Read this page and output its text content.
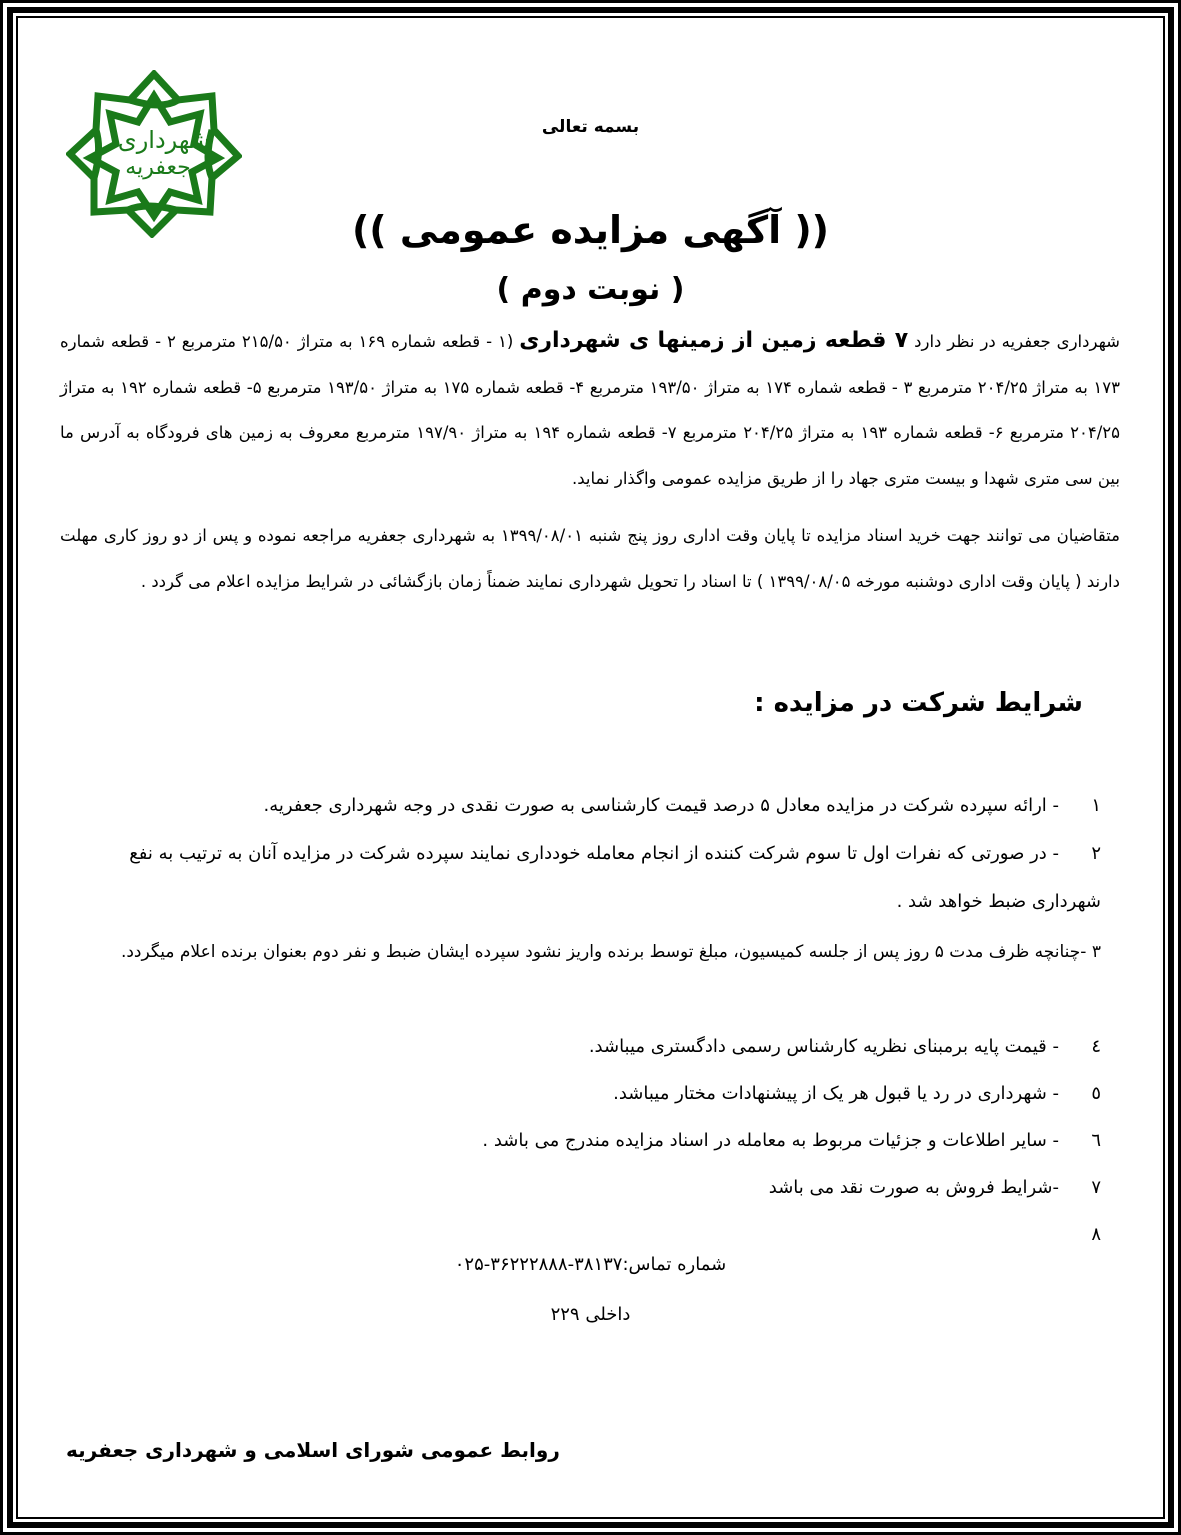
شهرداری
جعفریه
بسمه تعالی
(( آگهی مزایده عمومی ))
( نوبت دوم )
شهرداری جعفریه در نظر دارد ۷ قطعه زمین از زمینها ی شهرداری (۱ - قطعه شماره ۱۶۹ به متراژ ۲۱۵/۵۰ مترمربع ۲ - قطعه شماره ۱۷۳ به متراژ ۲۰۴/۲۵ مترمربع ۳ - قطعه شماره ۱۷۴ به متراژ ۱۹۳/۵۰ مترمربع ۴- قطعه شماره ۱۷۵ به متراژ ۱۹۳/۵۰ مترمربع ۵- قطعه شماره ۱۹۲ به متراژ ۲۰۴/۲۵ مترمربع ۶- قطعه شماره ۱۹۳ به متراژ ۲۰۴/۲۵ مترمربع ۷- قطعه شماره ۱۹۴ به متراژ ۱۹۷/۹۰ مترمربع معروف به زمین های فرودگاه به آدرس ما بین سی متری شهدا و بیست متری جهاد را از طریق مزایده عمومی واگذار نماید.
متقاضیان می توانند جهت خرید اسناد مزایده تا پایان وقت اداری روز پنج شنبه ۱۳۹۹/۰۸/۰۱ به شهرداری جعفریه مراجعه نموده و پس از دو روز کاری مهلت دارند ( پایان وقت اداری دوشنبه مورخه ۱۳۹۹/۰۸/۰۵ ) تا اسناد را تحویل شهرداری نمایند ضمناً زمان بازگشائی در شرایط مزایده اعلام می گردد .
شرایط شرکت در مزایده :
۱- ارائه سپرده شرکت در مزایده معادل ۵ درصد قیمت کارشناسی به صورت نقدی در وجه شهرداری جعفریه.
۲- در صورتی که نفرات اول تا سوم شرکت کننده از انجام معامله خودداری نمایند سپرده شرکت در مزایده آنان به ترتیب به نفع شهرداری ضبط خواهد شد .
۳ -چنانچه ظرف مدت ۵ روز پس از جلسه کمیسیون، مبلغ توسط برنده واریز نشود سپرده ایشان ضبط و نفر دوم بعنوان برنده اعلام میگردد.
٤- قیمت پایه برمبنای نظریه کارشناس رسمی دادگستری میباشد.
٥- شهرداری در رد یا قبول هر یک از پیشنهادات مختار میباشد.
٦- سایر اطلاعات و جزئیات مربوط به معامله در اسناد مزایده مندرج می باشد .
۷-شرایط فروش به صورت نقد می باشد
۸
شماره تماس:۳۸۱۳۷-۳۶۲۲۲۸۸۸-۰۲۵
داخلی ۲۲۹
روابط عمومی شورای اسلامی و شهرداری جعفریه
